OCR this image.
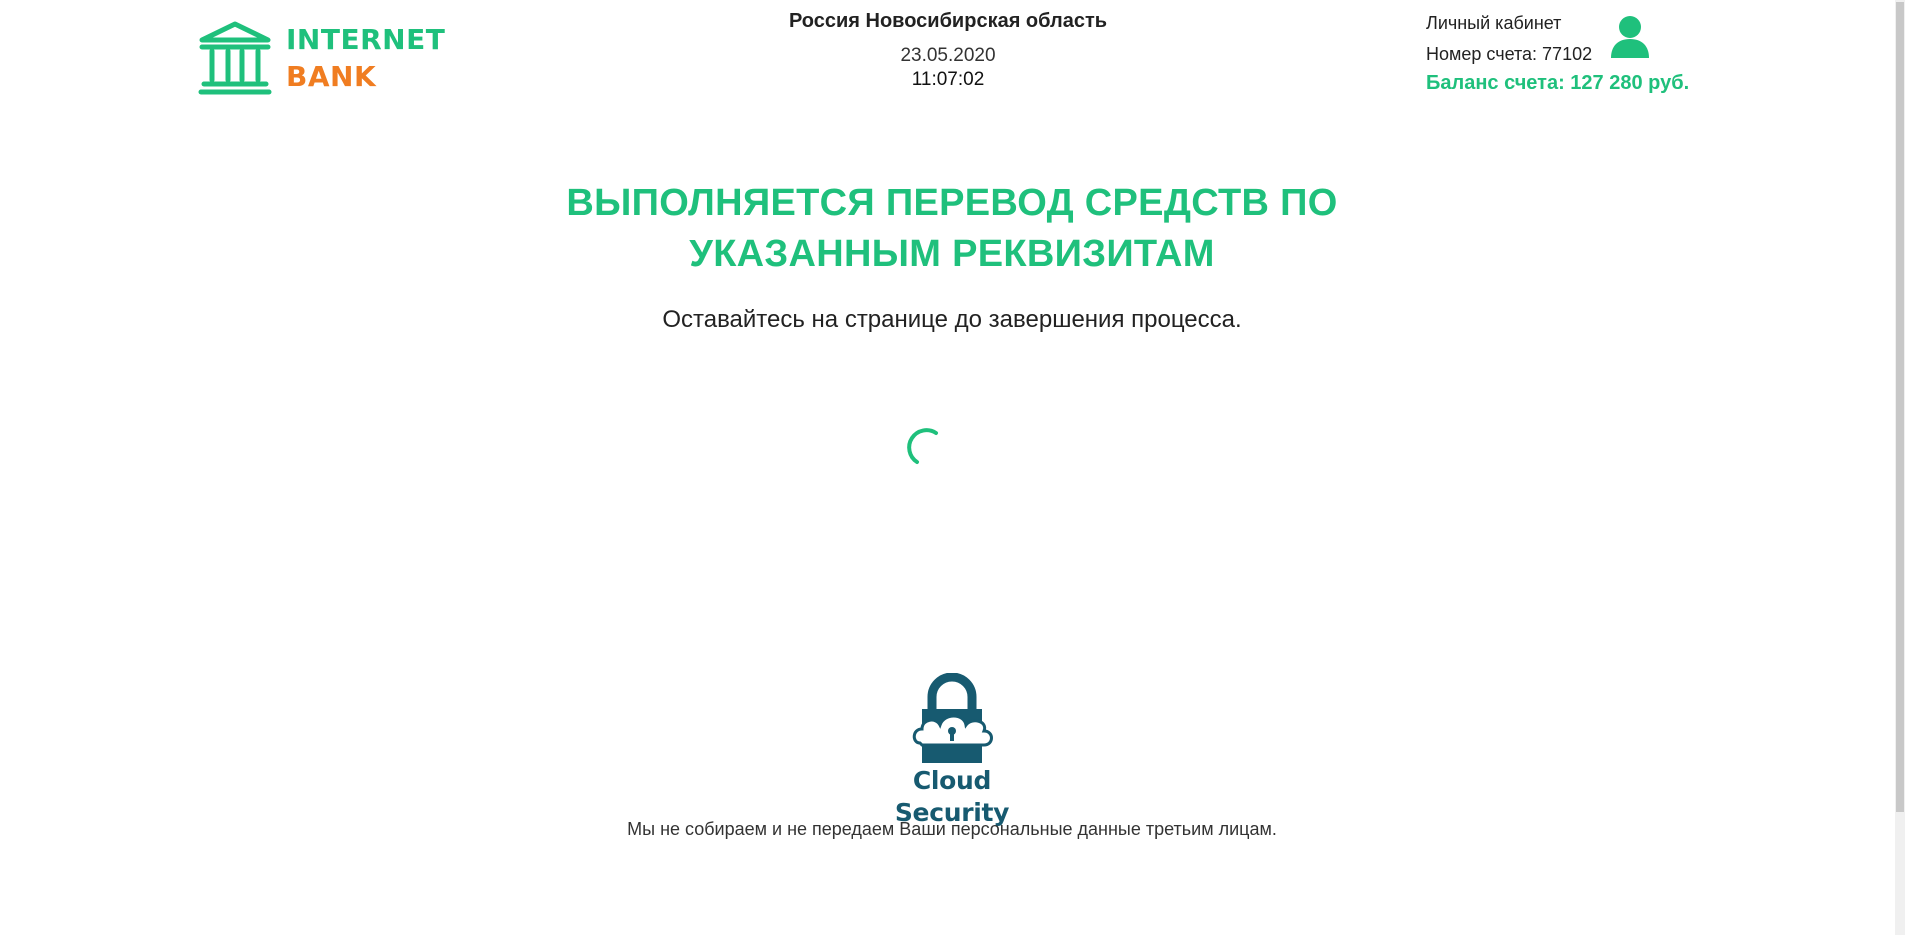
INTERNET
BANK
Россия Новосибирская область
23.05.2020
11:07:02
Личный кабинет
Номер счета: 77102
Баланс счета: 127 280 руб.
ВЫПОЛНЯЕТСЯ ПЕРЕВОД СРЕДСТВ ПО УКАЗАННЫМ РЕКВИЗИТАМ
Оставайтесь на странице до завершения процесса.
Cloud Security
Мы не собираем и не передаем Ваши персональные данные третьим лицам.
